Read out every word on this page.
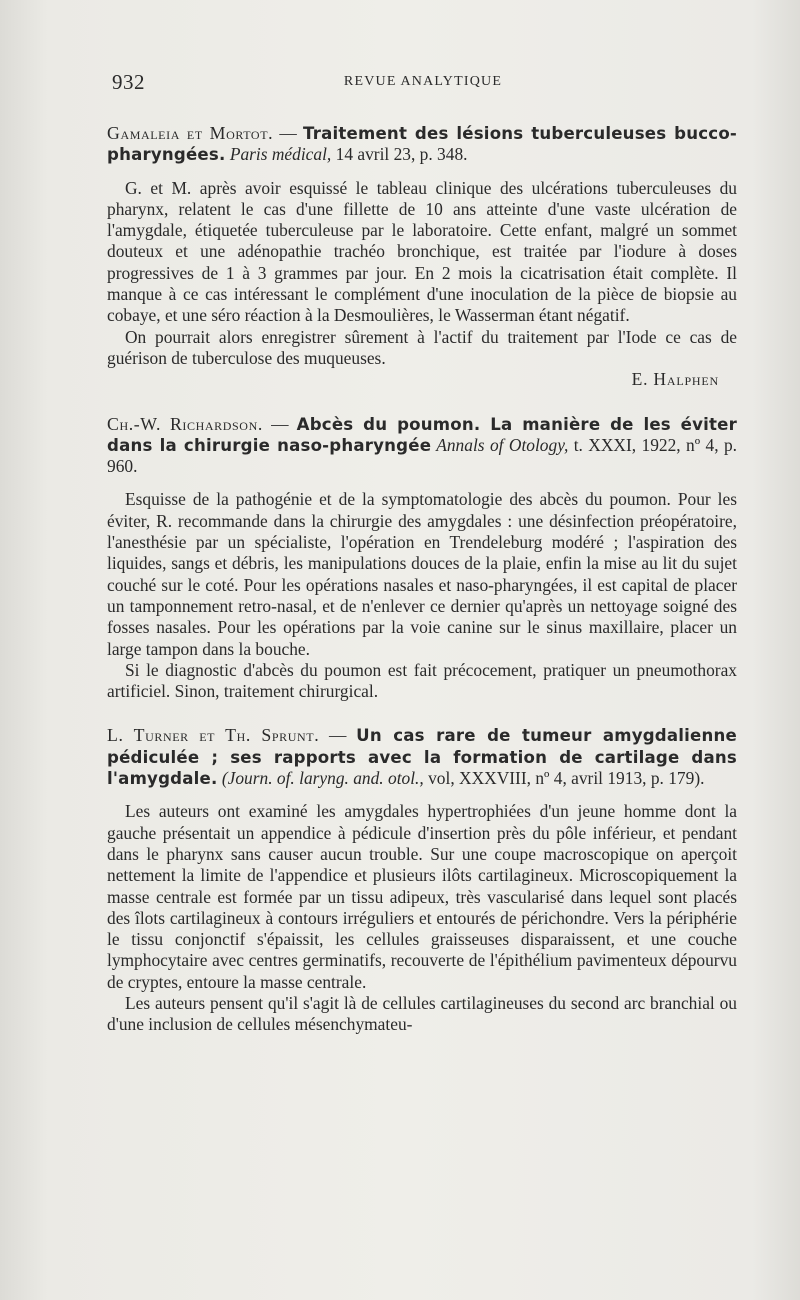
932	REVUE ANALYTIQUE

Gamaleia et Mortot. — Traitement des lésions tuberculeuses bucco-pharyngées. Paris médical, 14 avril 23, p. 348.

G. et M. après avoir esquissé le tableau clinique des ulcérations tuberculeuses du pharynx, relatent le cas d'une fillette de 10 ans atteinte d'une vaste ulcération de l'amygdale, étiquetée tuberculeuse par le laboratoire. Cette enfant, malgré un sommet douteux et une adénopathie trachéo bronchique, est traitée par l'iodure à doses progressives de 1 à 3 grammes par jour. En 2 mois la cicatrisation était complète. Il manque à ce cas intéressant le complément d'une inoculation de la pièce de biopsie au cobaye, et une séro réaction à la Desmoulières, le Wasserman étant négatif.

On pourrait alors enregistrer sûrement à l'actif du traitement par l'Iode ce cas de guérison de tuberculose des muqueuses.

E. Halphen

Ch.-W. Richardson. — Abcès du poumon. La manière de les éviter dans la chirurgie naso-pharyngée Annals of Otology, t. XXXI, 1922, nº 4, p. 960.

Esquisse de la pathogénie et de la symptomatologie des abcès du poumon. Pour les éviter, R. recommande dans la chirurgie des amygdales : une désinfection préopératoire, l'anesthésie par un spécialiste, l'opération en Trendeleburg modéré ; l'aspiration des liquides, sangs et débris, les manipulations douces de la plaie, enfin la mise au lit du sujet couché sur le coté. Pour les opérations nasales et naso-pharyngées, il est capital de placer un tamponnement retro-nasal, et de n'enlever ce dernier qu'après un nettoyage soigné des fosses nasales. Pour les opérations par la voie canine sur le sinus maxillaire, placer un large tampon dans la bouche.

Si le diagnostic d'abcès du poumon est fait précocement, pratiquer un pneumothorax artificiel. Sinon, traitement chirurgical.

L. Turner et Th. Sprunt. — Un cas rare de tumeur amygdalienne pédiculée ; ses rapports avec la formation de cartilage dans l'amygdale. (Journ. of. laryng. and. otol., vol, XXXVIII, nº 4, avril 1913, p. 179).

Les auteurs ont examiné les amygdales hypertrophiées d'un jeune homme dont la gauche présentait un appendice à pédicule d'insertion près du pôle inférieur, et pendant dans le pharynx sans causer aucun trouble. Sur une coupe macroscopique on aperçoit nettement la limite de l'appendice et plusieurs ilôts cartilagineux. Microscopiquement la masse centrale est formée par un tissu adipeux, très vascularisé dans lequel sont placés des îlots cartilagineux à contours irréguliers et entourés de périchondre. Vers la périphérie le tissu conjonctif s'épaissit, les cellules graisseuses disparaissent, et une couche lymphocytaire avec centres germinatifs, recouverte de l'épithélium pavimenteux dépourvu de cryptes, entoure la masse centrale.

Les auteurs pensent qu'il s'agit là de cellules cartilagineuses du second arc branchial ou d'une inclusion de cellules mésenchymateu-
